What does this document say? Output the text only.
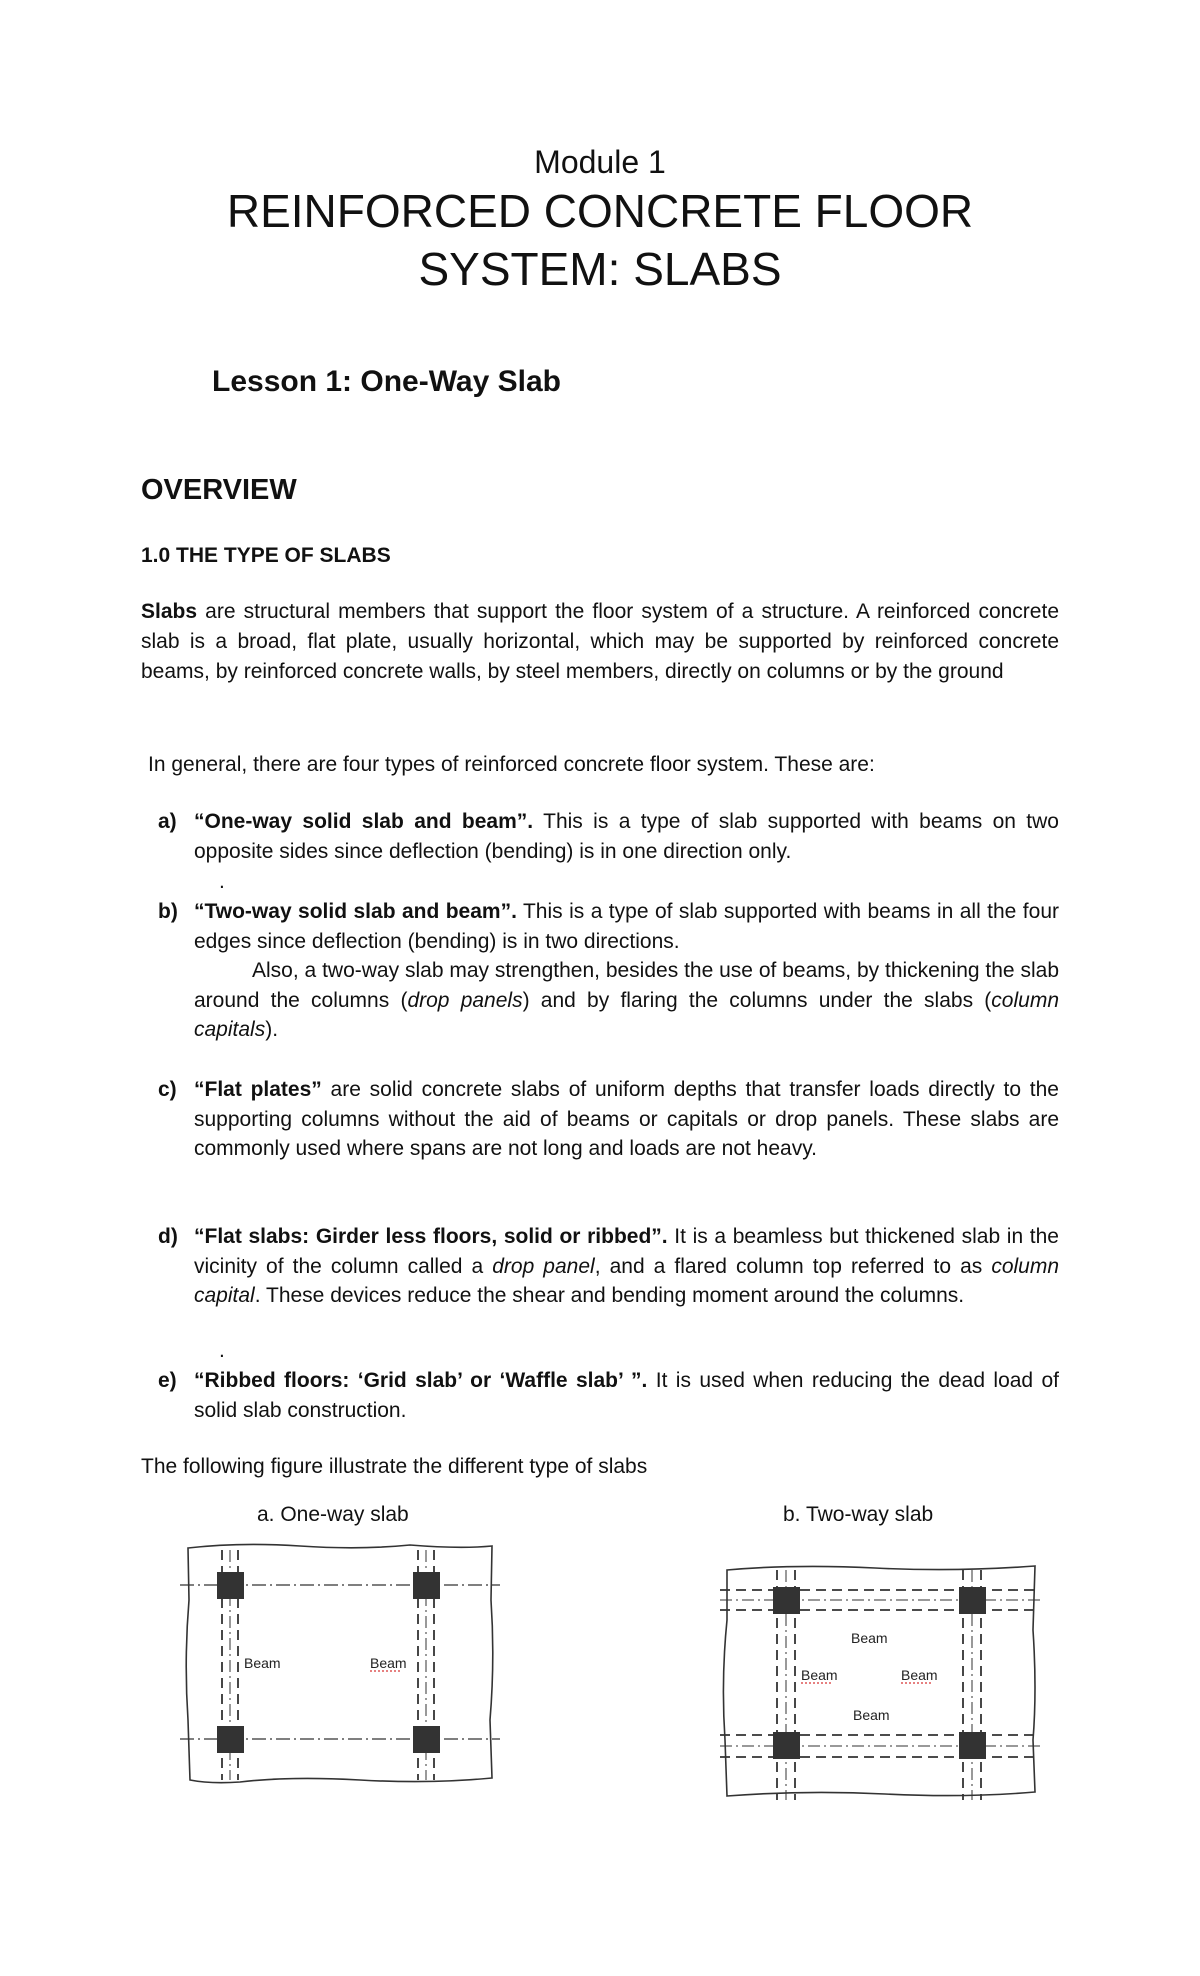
Module 1
REINFORCED CONCRETE FLOOR
SYSTEM: SLABS
Lesson 1: One-Way Slab
OVERVIEW
1.0 THE TYPE OF SLABS
Slabs are structural members that support the floor system of a structure. A reinforced concrete slab is a broad, flat plate, usually horizontal, which may be supported by reinforced concrete beams, by reinforced concrete walls, by steel members, directly on columns or by the ground
In general, there are four types of reinforced concrete floor system. These are:
a) “One-way solid slab and beam”. This is a type of slab supported with beams on two opposite sides since deflection (bending) is in one direction only.
.
b) “Two-way solid slab and beam”. This is a type of slab supported with beams in all the four edges since deflection (bending) is in two directions.
Also, a two-way slab may strengthen, besides the use of beams, by thickening the slab around the columns (drop panels) and by flaring the columns under the slabs (column capitals).
c) “Flat plates” are solid concrete slabs of uniform depths that transfer loads directly to the supporting columns without the aid of beams or capitals or drop panels. These slabs are commonly used where spans are not long and loads are not heavy.
d) “Flat slabs: Girder less floors, solid or ribbed”. It is a beamless but thickened slab in the vicinity of the column called a drop panel, and a flared column top referred to as column capital. These devices reduce the shear and bending moment around the columns.
.
e) “Ribbed floors: ‘Grid slab’ or ‘Waffle slab’ ”. It is used when reducing the dead load of solid slab construction.
The following figure illustrate the different type of slabs
a. One-way slab	b. Two-way slab
Beam	Beam
Beam
Beam	Beam
Beam
